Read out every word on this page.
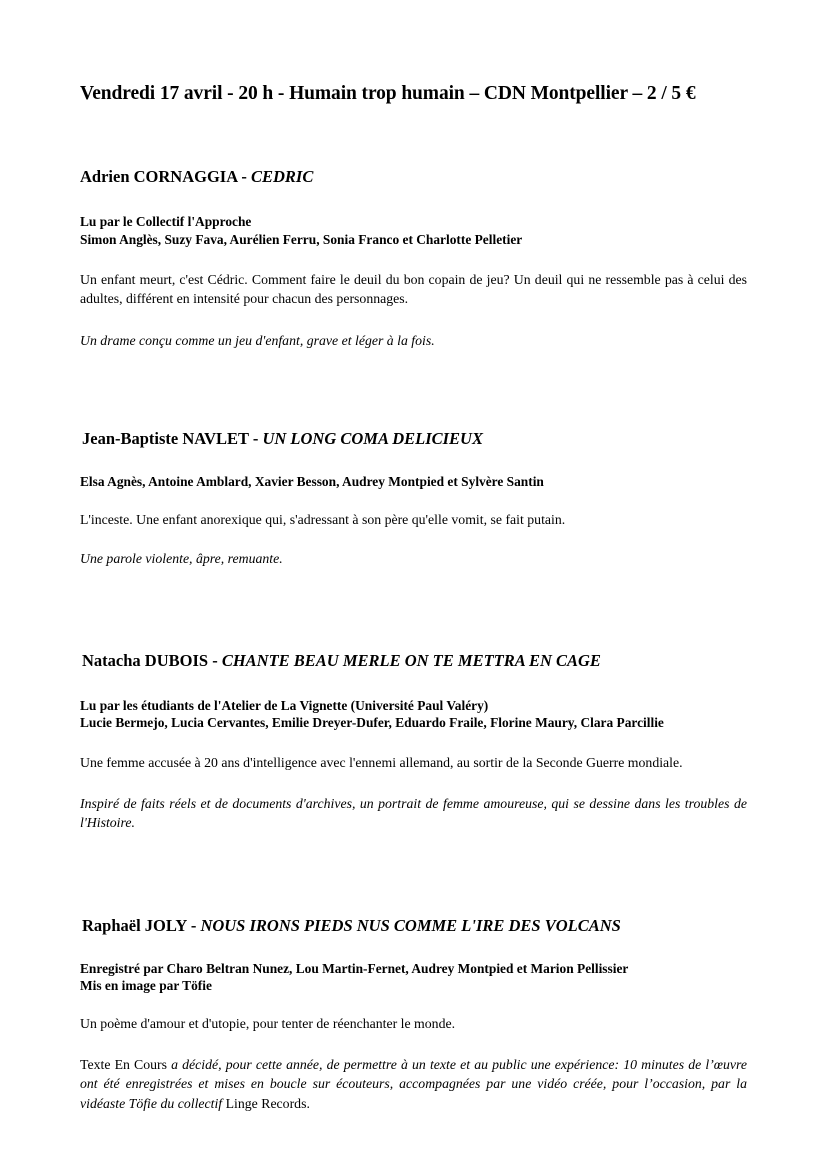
Vendredi 17 avril - 20 h - Humain trop humain – CDN Montpellier – 2 / 5 €
Adrien CORNAGGIA - CEDRIC
Lu par le Collectif l'Approche
Simon Anglès, Suzy Fava, Aurélien Ferru, Sonia Franco et Charlotte Pelletier

Un enfant meurt, c'est Cédric. Comment faire le deuil du bon copain de jeu? Un deuil qui ne ressemble pas à celui des adultes, différent en intensité pour chacun des personnages.

Un drame conçu comme un jeu d'enfant, grave et léger à la fois.

Jean-Baptiste NAVLET - UN LONG COMA DELICIEUX
Elsa Agnès, Antoine Amblard, Xavier Besson, Audrey Montpied et Sylvère Santin

L'inceste. Une enfant anorexique qui, s'adressant à son père qu'elle vomit, se fait putain.

Une parole violente, âpre, remuante.

Natacha DUBOIS - CHANTE BEAU MERLE ON TE METTRA EN CAGE
Lu par les étudiants de l'Atelier de La Vignette (Université Paul Valéry)
Lucie Bermejo, Lucia Cervantes, Emilie Dreyer-Dufer, Eduardo Fraile, Florine Maury, Clara Parcillie

Une femme accusée à 20 ans d'intelligence avec l'ennemi allemand, au sortir de la Seconde Guerre mondiale.

Inspiré de faits réels et de documents d'archives, un portrait de femme amoureuse, qui se dessine dans les troubles de l'Histoire.

Raphaël JOLY - NOUS IRONS PIEDS NUS COMME L'IRE DES VOLCANS
Enregistré par Charo Beltran Nunez, Lou Martin-Fernet, Audrey Montpied et Marion Pellissier
Mis en image par Töfie

Un poème d'amour et d'utopie, pour tenter de réenchanter le monde.

Texte En Cours a décidé, pour cette année, de permettre à un texte et au public une expérience: 10 minutes de l’œuvre ont été enregistrées et mises en boucle sur écouteurs, accompagnées par une vidéo créée, pour l’occasion, par la vidéaste Töfie du collectif Linge Records.
